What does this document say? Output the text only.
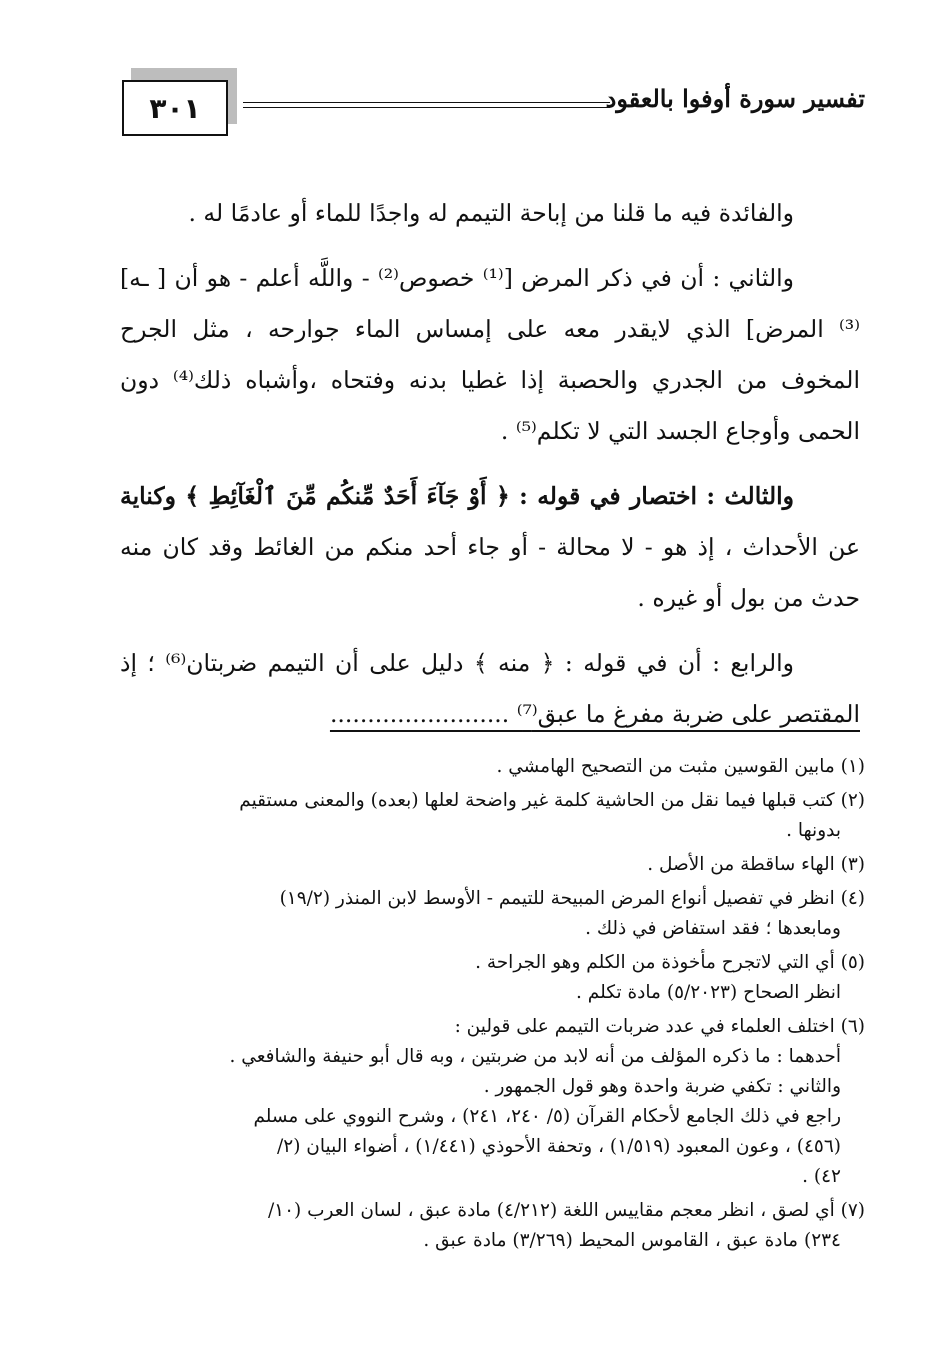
٣٠١	تفسير سورة أوفوا بالعقود
والفائدة فيه ما قلنا من إباحة التيمم له واجدًا للماء أو عادمًا له .
والثاني : أن في ذكر المرض [⁽¹⁾ خصوص⁽²⁾ - واللَّه أعلم - هو أن [ ـه]⁽³⁾ المرض] الذي لايقدر معه على إمساس الماء جوارحه ، مثل الجرح المخوف من الجدري والحصبة إذا غطيا بدنه وفتحاه ،وأشباه ذلك⁽⁴⁾ دون الحمى وأوجاع الجسد التي لا تكلم⁽⁵⁾ .
والثالث : اختصار في قوله : ﴿ أَوْ جَآءَ أَحَدٌ مِّنكُم مِّنَ ٱلْغَآئِطِ ﴾ وكناية عن الأحداث ، إذ هو - لا محالة - أو جاء أحد منكم من الغائط وقد كان منه حدث من بول أو غيره .
والرابع : أن في قوله : ﴿ منه ﴾ دليل على أن التيمم ضربتان⁽⁶⁾ ؛ إذ المقتصر على ضربة مفرغ ما عبق⁽⁷⁾ ........................
(١) مابين القوسين مثبت من التصحيح الهامشي .
(٢) كتب قبلها فيما نقل من الحاشية كلمة غير واضحة لعلها (بعده) والمعنى مستقيم
بدونها .
(٣) الهاء ساقطة من الأصل .
(٤) انظر في تفصيل أنواع المرض المبيحة للتيمم - الأوسط لابن المنذر (١٩/٢)
ومابعدها ؛ فقد استفاض في ذلك .
(٥) أي التي لاتجرح مأخوذة من الكلم وهو الجراحة .
انظر الصحاح (٥/٢٠٢٣) مادة تكلم .
(٦) اختلف العلماء في عدد ضربات التيمم على قولين :
أحدهما : ما ذكره المؤلف من أنه لابد من ضربتين ، وبه قال أبو حنيفة والشافعي .
والثاني : تكفي ضربة واحدة وهو قول الجمهور .
راجع في ذلك الجامع لأحكام القرآن (٥/ ٢٤٠، ٢٤١) ، وشرح النووي على مسلم
(٤٥٦) ، وعون المعبود (١/٥١٩) ، وتحفة الأحوذي (١/٤٤١) ، أضواء البيان (٢/
٤٢) .
(٧) أي لصق ، انظر معجم مقاييس اللغة (٤/٢١٢) مادة عبق ، لسان العرب (١٠/
٢٣٤) مادة عبق ، القاموس المحيط (٣/٢٦٩) مادة عبق .
